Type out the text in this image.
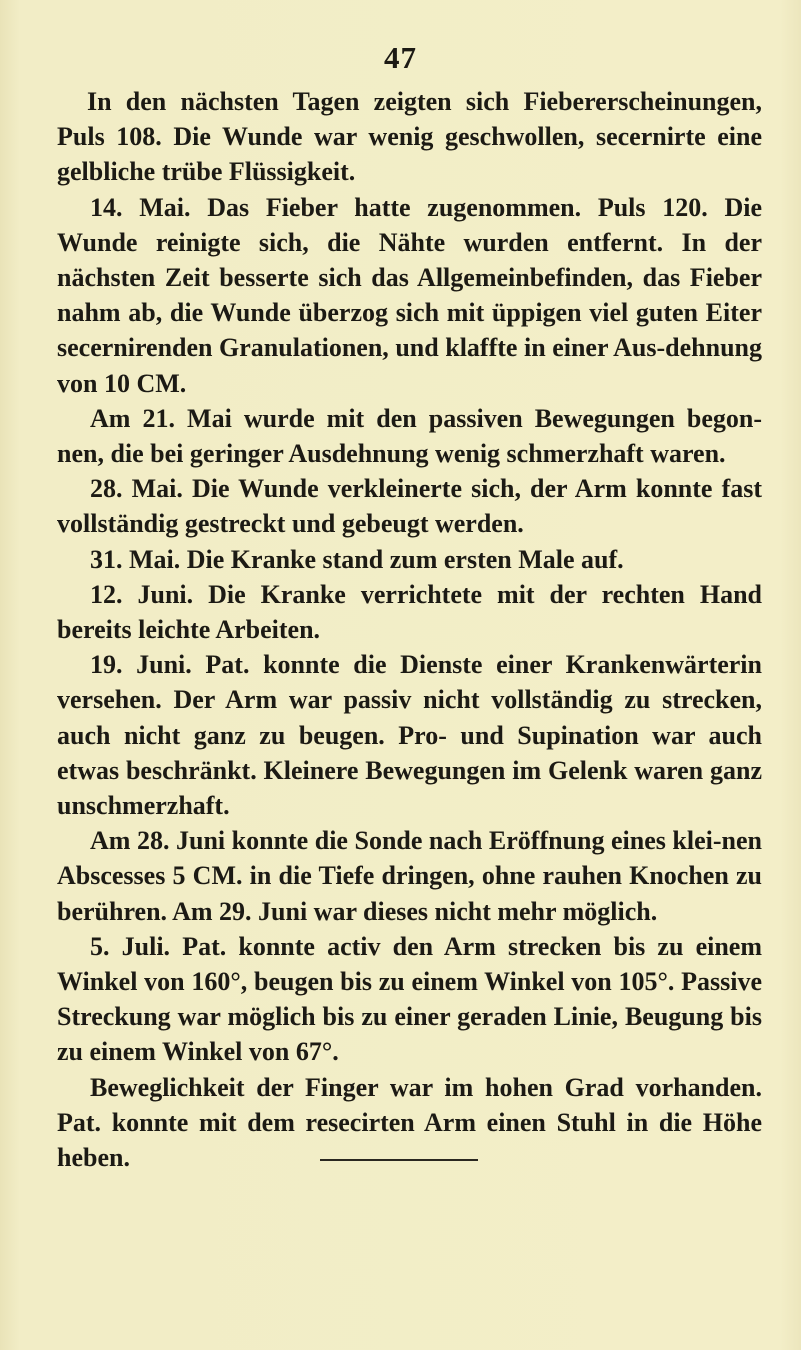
47

In den nächsten Tagen zeigten sich Fiebererscheinungen, Puls 108. Die Wunde war wenig geschwollen, secernirte eine gelbliche trübe Flüssigkeit.

14. Mai. Das Fieber hatte zugenommen. Puls 120. Die Wunde reinigte sich, die Nähte wurden entfernt. In der nächsten Zeit besserte sich das Allgemeinbefinden, das Fieber nahm ab, die Wunde überzog sich mit üppigen viel guten Eiter secernirenden Granulationen, und klaffte in einer Aus-dehnung von 10 CM.

Am 21. Mai wurde mit den passiven Bewegungen begon-nen, die bei geringer Ausdehnung wenig schmerzhaft waren.

28. Mai. Die Wunde verkleinerte sich, der Arm konnte fast vollständig gestreckt und gebeugt werden.

31. Mai. Die Kranke stand zum ersten Male auf.

12. Juni. Die Kranke verrichtete mit der rechten Hand bereits leichte Arbeiten.

19. Juni. Pat. konnte die Dienste einer Krankenwärterin versehen. Der Arm war passiv nicht vollständig zu strecken, auch nicht ganz zu beugen. Pro- und Supination war auch etwas beschränkt. Kleinere Bewegungen im Gelenk waren ganz unschmerzhaft.

Am 28. Juni konnte die Sonde nach Eröffnung eines klei-nen Abscesses 5 CM. in die Tiefe dringen, ohne rauhen Knochen zu berühren. Am 29. Juni war dieses nicht mehr möglich.

5. Juli. Pat. konnte activ den Arm strecken bis zu einem Winkel von 160°, beugen bis zu einem Winkel von 105°. Passive Streckung war möglich bis zu einer geraden Linie, Beugung bis zu einem Winkel von 67°.

Beweglichkeit der Finger war im hohen Grad vorhanden. Pat. konnte mit dem resecirten Arm einen Stuhl in die Höhe heben.
